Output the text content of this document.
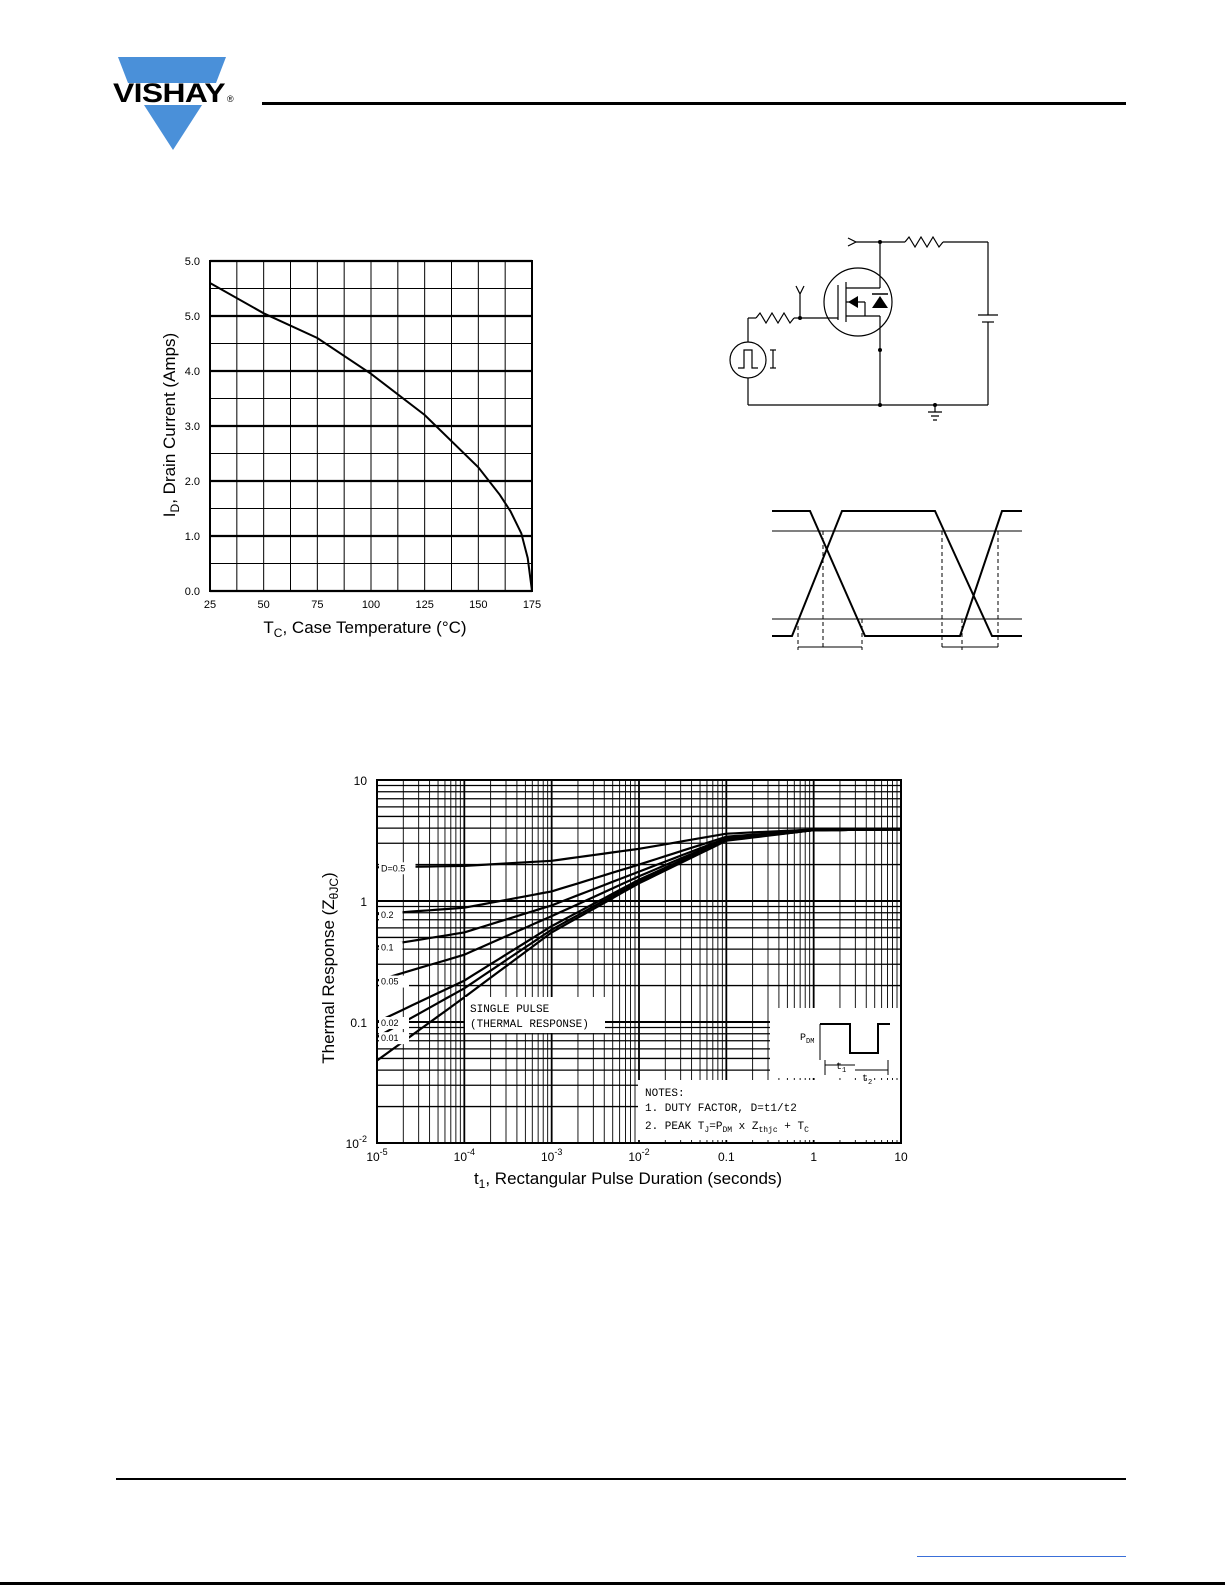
VISHAY ®
25	50	75	100	125	150	175
0.0
1.0
2.0
3.0
4.0
5.0
5.0
$T_C$, Case Temperature (°C)
$I_D$, Drain Current (Amps)
$10^{-5}$	$10^{-4}$	$10^{-3}$	$10^{-2}$	0.1	1	10
$10^{-2}$
0.1
1
10
D=0.5
0.2
0.1
0.05
0.02
0.01
SINGLE PULSE
(THERMAL RESPONSE)
NOTES:
1. DUTY FACTOR, D=t1/t2
2. PEAK $T_J=P_{DM}$ x $Z_{thjc} + T_C$
$P_{DM}$
$t_1$
$t_2$
$t_1$, Rectangular Pulse Duration (seconds)
Thermal Response $(Z_{\theta JC})$
